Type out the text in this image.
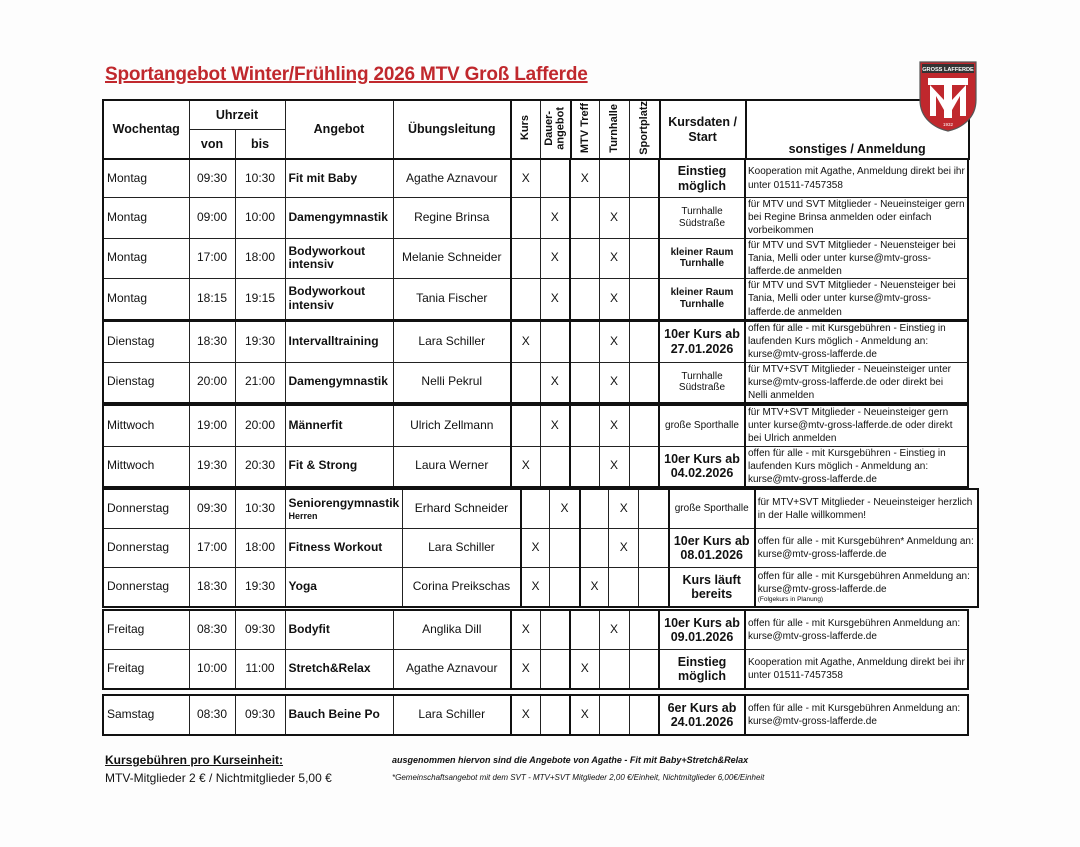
Sportangebot Winter/Frühling 2026 MTV Groß Lafferde	GROSS LAFFERDE
1932
Wochentag	Uhrzeit		Angebot	Übungsleitung	Kurs	Dauer-
angebot	MTV Treff	Turnhalle	Sportplatz	Kursdaten / Start	sonstiges / Anmeldung
	von	bis									
Montag	09:30	10:30	Fit mit Baby	Agathe Aznavour	X		X			Einstieg möglich	Kooperation mit Agathe, Anmeldung direkt bei ihr unter 01511-7457358
Montag	09:00	10:00	Damengymnastik	Regine Brinsa		X		X		Turnhalle Südstraße	für MTV und SVT Mitglieder - Neueinsteiger gern bei Regine Brinsa anmelden oder einfach vorbeikommen
Montag	17:00	18:00	Bodyworkout intensiv	Melanie Schneider		X		X		kleiner Raum Turnhalle	für MTV und SVT Mitglieder - Neuensteiger bei Tania, Melli oder unter kurse@mtv-gross-lafferde.de anmelden
Montag	18:15	19:15	Bodyworkout intensiv	Tania Fischer		X		X		kleiner Raum Turnhalle	für MTV und SVT Mitglieder - Neuensteiger bei Tania, Melli oder unter kurse@mtv-gross-lafferde.de anmelden
Dienstag	18:30	19:30	Intervalltraining	Lara Schiller	X			X		10er Kurs ab 27.01.2026	offen für alle - mit Kursgebühren - Einstieg in laufenden Kurs möglich - Anmeldung an: kurse@mtv-gross-lafferde.de
Dienstag	20:00	21:00	Damengymnastik	Nelli Pekrul		X		X		Turnhalle Südstraße	für MTV+SVT Mitglieder - Neueinsteiger unter kurse@mtv-gross-lafferde.de oder direkt bei Nelli anmelden
Mittwoch	19:00	20:00	Männerfit	Ulrich Zellmann		X		X		große Sporthalle	für MTV+SVT Mitglieder - Neueinsteiger gern unter kurse@mtv-gross-lafferde.de oder direkt bei Ulrich anmelden
Mittwoch	19:30	20:30	Fit & Strong	Laura Werner	X			X		10er Kurs ab 04.02.2026	offen für alle - mit Kursgebühren - Einstieg in laufenden Kurs möglich - Anmeldung an: kurse@mtv-gross-lafferde.de
Donnerstag	09:30	10:30	Seniorengymnastik
Herren	Erhard Schneider		X		X		große Sporthalle	für MTV+SVT Mitglieder - Neueinsteiger herzlich in der Halle willkommen!
Donnerstag	17:00	18:00	Fitness Workout	Lara Schiller	X			X		10er Kurs ab 08.01.2026	offen für alle - mit Kursgebühren* Anmeldung an: kurse@mtv-gross-lafferde.de
Donnerstag	18:30	19:30	Yoga	Corina Preikschas	X		X			Kurs läuft bereits	offen für alle - mit Kursgebühren Anmeldung an: kurse@mtv-gross-lafferde.de
(Folgekurs in Planung)
Freitag	08:30	09:30	Bodyfit	Anglika Dill	X			X		10er Kurs ab 09.01.2026	offen für alle - mit Kursgebühren Anmeldung an: kurse@mtv-gross-lafferde.de
Freitag	10:00	11:00	Stretch&Relax	Agathe Aznavour	X		X			Einstieg möglich	Kooperation mit Agathe, Anmeldung direkt bei ihr unter 01511-7457358
Samstag	08:30	09:30	Bauch Beine Po	Lara Schiller	X		X			6er Kurs ab 24.01.2026	offen für alle - mit Kursgebühren Anmeldung an: kurse@mtv-gross-lafferde.de
Kursgebühren pro Kurseinheit:
MTV-Mitglieder 2 € / Nichtmitglieder 5,00 €
ausgenommen hiervon sind die Angebote von Agathe - Fit mit Baby+Stretch&Relax
*Gemeinschaftsangebot mit dem SVT - MTV+SVT Mitglieder 2,00 €/Einheit, Nichtmitglieder 6,00€/Einheit
